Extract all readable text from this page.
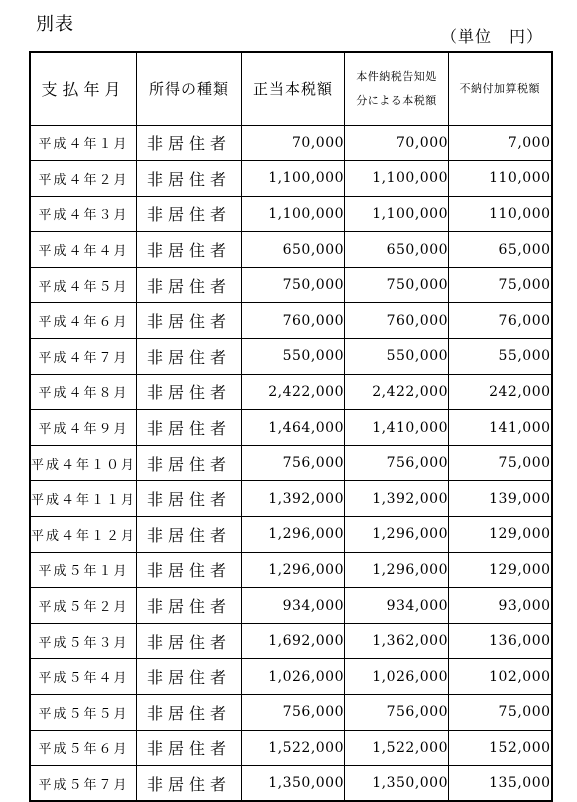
別表
（単位　円）
支払年月	所得の種類	正当本税額	本件納税告知処
分による本税額	不納付加算税額
平成４年１月	非居住者	70,000	70,000	7,000
平成４年２月	非居住者	1,100,000	1,100,000	110,000
平成４年３月	非居住者	1,100,000	1,100,000	110,000
平成４年４月	非居住者	650,000	650,000	65,000
平成４年５月	非居住者	750,000	750,000	75,000
平成４年６月	非居住者	760,000	760,000	76,000
平成４年７月	非居住者	550,000	550,000	55,000
平成４年８月	非居住者	2,422,000	2,422,000	242,000
平成４年９月	非居住者	1,464,000	1,410,000	141,000
平成４年１０月	非居住者	756,000	756,000	75,000
平成４年１１月	非居住者	1,392,000	1,392,000	139,000
平成４年１２月	非居住者	1,296,000	1,296,000	129,000
平成５年１月	非居住者	1,296,000	1,296,000	129,000
平成５年２月	非居住者	934,000	934,000	93,000
平成５年３月	非居住者	1,692,000	1,362,000	136,000
平成５年４月	非居住者	1,026,000	1,026,000	102,000
平成５年５月	非居住者	756,000	756,000	75,000
平成５年６月	非居住者	1,522,000	1,522,000	152,000
平成５年７月	非居住者	1,350,000	1,350,000	135,000
